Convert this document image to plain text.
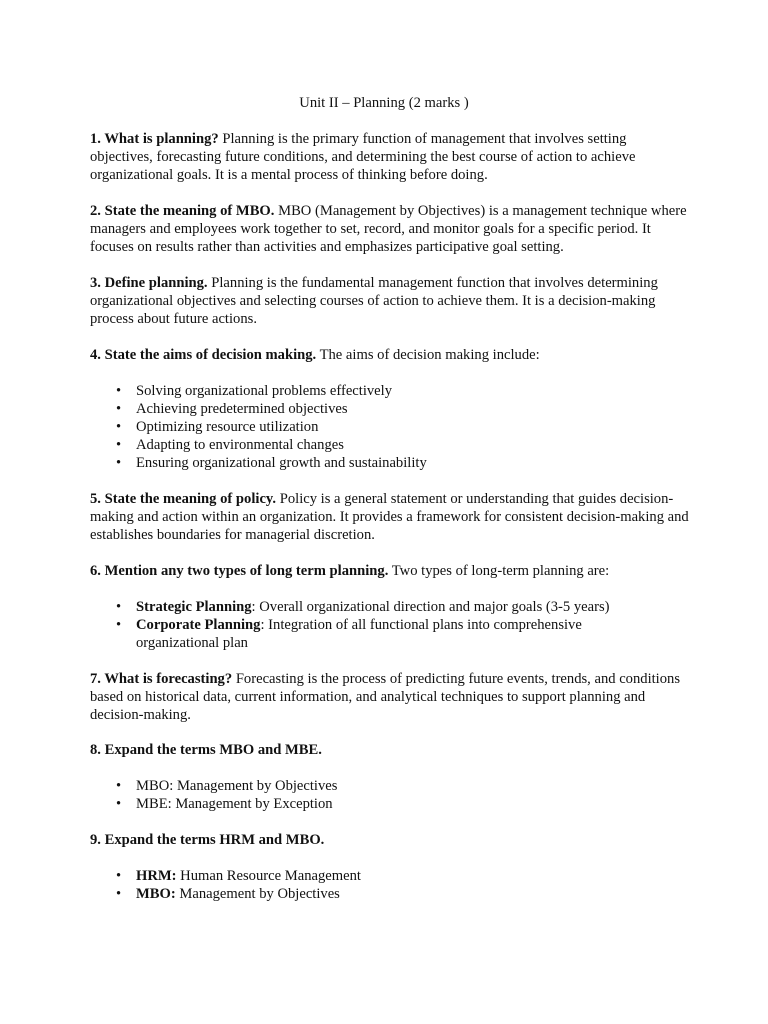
Unit II – Planning (2 marks )

1. What is planning? Planning is the primary function of management that involves setting objectives, forecasting future conditions, and determining the best course of action to achieve organizational goals. It is a mental process of thinking before doing.

2. State the meaning of MBO. MBO (Management by Objectives) is a management technique where managers and employees work together to set, record, and monitor goals for a specific period. It focuses on results rather than activities and emphasizes participative goal setting.

3. Define planning. Planning is the fundamental management function that involves determining organizational objectives and selecting courses of action to achieve them. It is a decision-making process about future actions.

4. State the aims of decision making. The aims of decision making include:

• Solving organizational problems effectively
• Achieving predetermined objectives
• Optimizing resource utilization
• Adapting to environmental changes
• Ensuring organizational growth and sustainability

5. State the meaning of policy. Policy is a general statement or understanding that guides decision-making and action within an organization. It provides a framework for consistent decision-making and establishes boundaries for managerial discretion.

6. Mention any two types of long term planning. Two types of long-term planning are:

• Strategic Planning: Overall organizational direction and major goals (3-5 years)
• Corporate Planning: Integration of all functional plans into comprehensive organizational plan

7. What is forecasting? Forecasting is the process of predicting future events, trends, and conditions based on historical data, current information, and analytical techniques to support planning and decision-making.

8. Expand the terms MBO and MBE.

• MBO: Management by Objectives
• MBE: Management by Exception

9. Expand the terms HRM and MBO.

• HRM: Human Resource Management
• MBO: Management by Objectives
